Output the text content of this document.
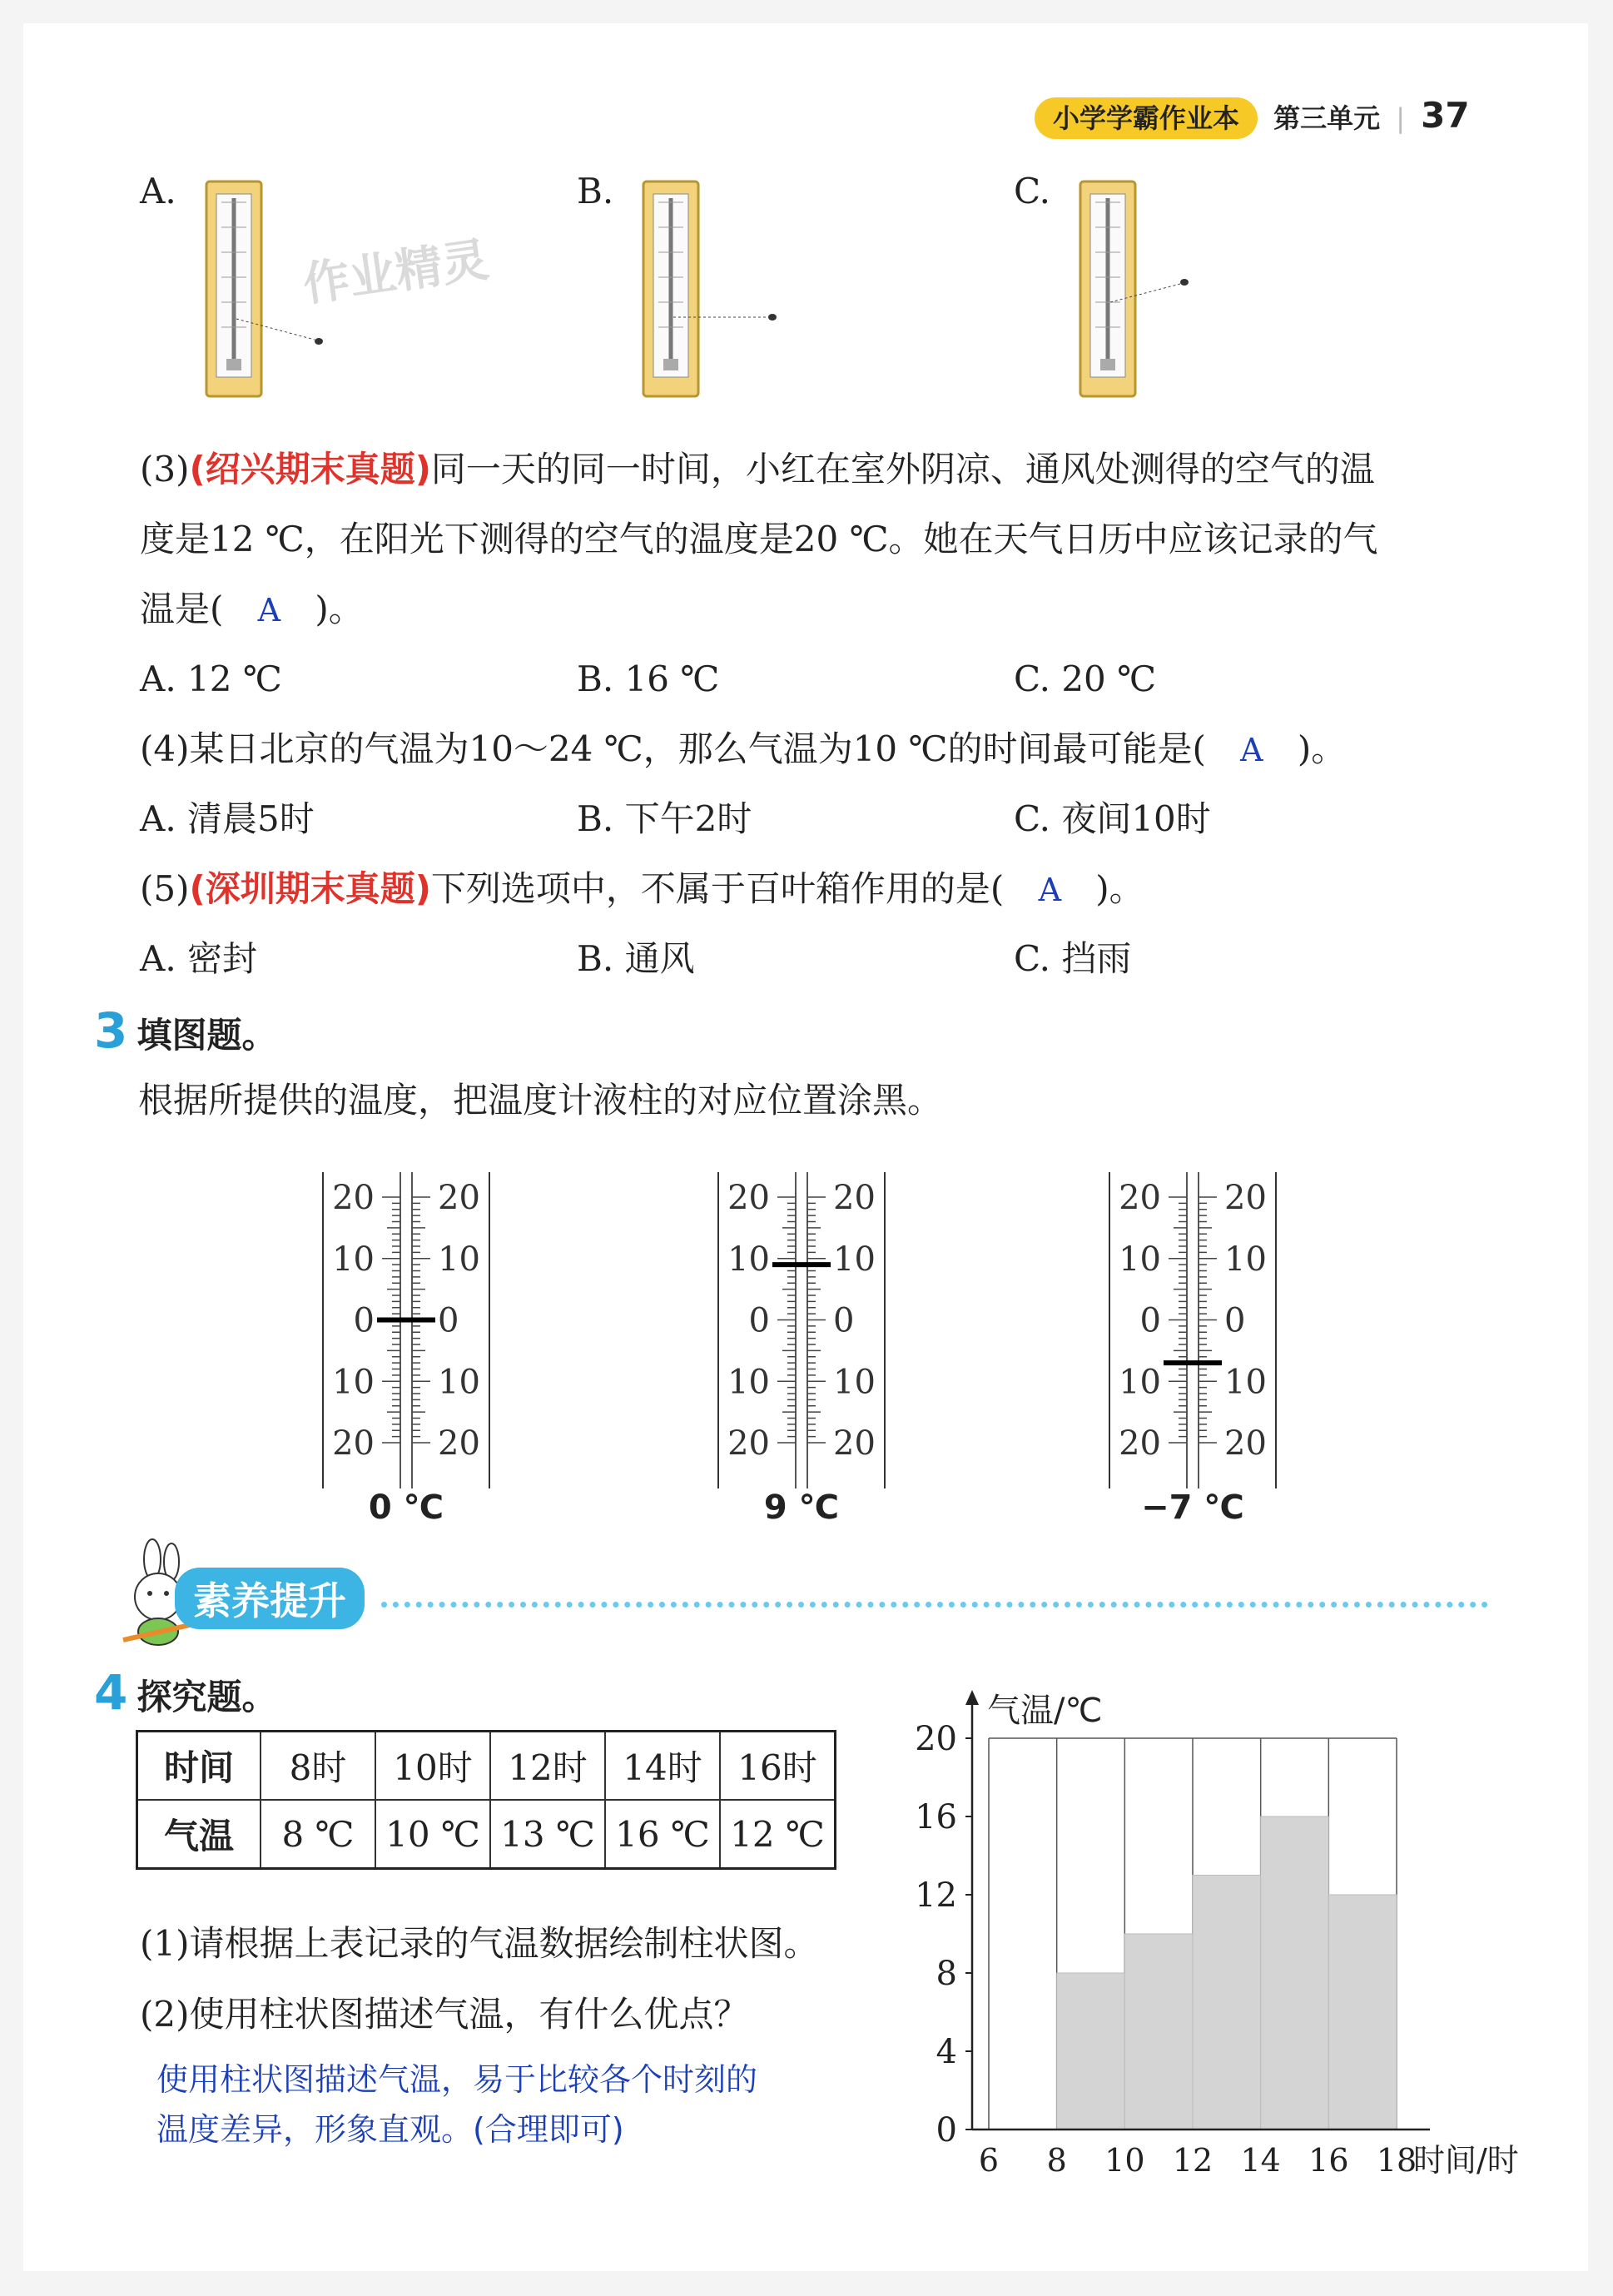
小学学霸作业本 第三单元 | 37
A.	B.	C.
作业精灵
(3)(绍兴期末真题)同一天的同一时间，小红在室外阴凉、通风处测得的空气的温
度是12 ℃，在阳光下测得的空气的温度是20 ℃。她在天气日历中应该记录的气
温是( A )。
A. 12 ℃	B. 16 ℃	C. 20 ℃
(4)某日北京的气温为10～24 ℃，那么气温为10 ℃的时间最可能是( A )。
A. 清晨5时	B. 下午2时	C. 夜间10时
(5)(深圳期末真题)下列选项中，不属于百叶箱作用的是( A )。
A. 密封	B. 通风	C. 挡雨
3 填图题。
根据所提供的温度，把温度计液柱的对应位置涂黑。
20 20
10 10
0 0
10 10
20 20
0 ℃
20 20
10 10
0 0
10 10
20 20
9 ℃
20 20
10 10
0 0
10 10
20 20
−7 ℃
素养提升
4 探究题。
时间	8时	10时	12时	14时	16时
气温	8 ℃	10 ℃	13 ℃	16 ℃	12 ℃
(1)请根据上表记录的气温数据绘制柱状图。
(2)使用柱状图描述气温，有什么优点？
使用柱状图描述气温，易于比较各个时刻的
温度差异，形象直观。(合理即可)	0
4
8
12
16
20
6 8 10 12 14 16 18
气温/℃
时间/时
